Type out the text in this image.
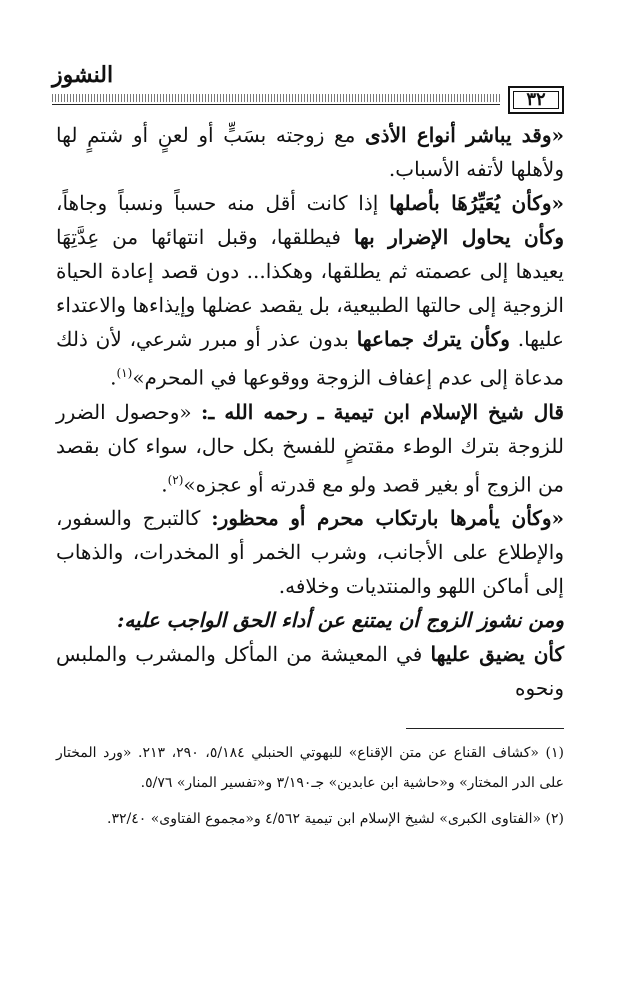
النشوز
٣٢

«وقد يباشر أنواع الأذى مع زوجته بسَبٍّ أو لعنٍ أو شتمٍ لها ولأهلها لأتفه الأسباب.

«وكأن يُعَيِّرُهَا بأصلها إذا كانت أقل منه حسباً ونسباً وجاهاً، وكأن يحاول الإضرار بها فيطلقها، وقبل انتهائها من عِدَّتِهَا يعيدها إلى عصمته ثم يطلقها، وهكذا... دون قصد إعادة الحياة الزوجية إلى حالتها الطبيعية، بل يقصد عضلها وإيذاءها والاعتداء عليها. وكأن يترك جماعها بدون عذر أو مبرر شرعي، لأن ذلك مدعاة إلى عدم إعفاف الزوجة ووقوعها في المحرم»$^{(١)}$.

قال شيخ الإسلام ابن تيمية ـ رحمه الله ـ: «وحصول الضرر للزوجة بترك الوطء مقتضٍ للفسخ بكل حال، سواء كان بقصد من الزوج أو بغير قصد ولو مع قدرته أو عجزه»$^{(٢)}$.

«وكأن يأمرها بارتكاب محرم أو محظور: كالتبرج والسفور، والإطلاع على الأجانب، وشرب الخمر أو المخدرات، والذهاب إلى أماكن اللهو والمنتديات وخلافه.

ومن نشوز الزوج أن يمتنع عن أداء الحق الواجب عليه:

كأن يضيق عليها في المعيشة من المأكل والمشرب والملبس ونحوه

(١) «كشاف القناع عن متن الإقناع» للبهوتي الحنبلي ٥/١٨٤، ٢٩٠، ٢١٣. «ورد المختار على الدر المختار» و«حاشية ابن عابدين» جـ٣/١٩٠ و«تفسير المنار» ٥/٧٦.

(٢) «الفتاوى الكبرى» لشيخ الإسلام ابن تيمية ٤/٥٦٢ و«مجموع الفتاوى» ٣٢/٤٠.
